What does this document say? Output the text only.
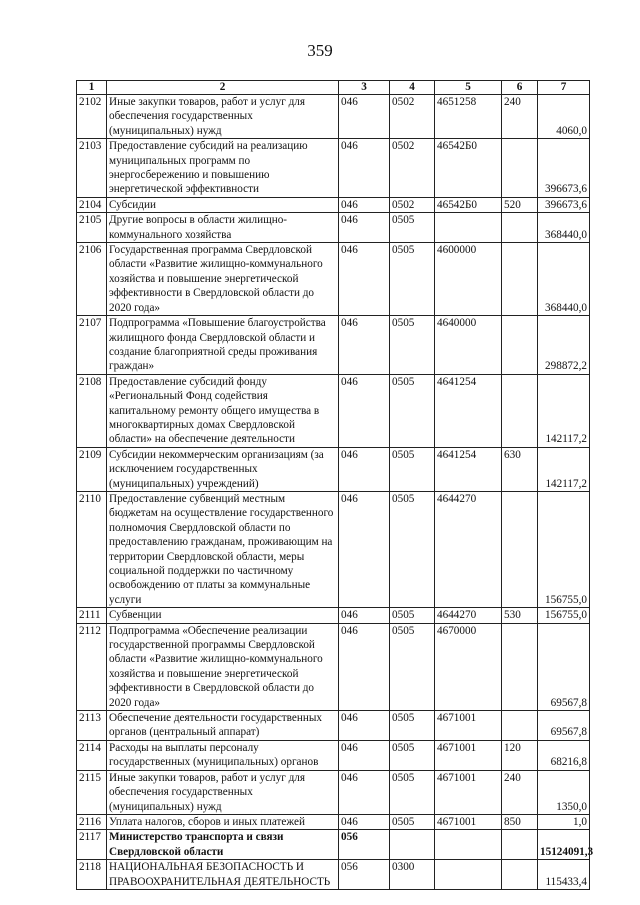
359
1	2	3	4	5	6	7
2102	Иные закупки товаров, работ и услуг для обеспечения государственных (муниципальных) нужд	046	0502	4651258	240	4060,0
2103	Предоставление субсидий на реализацию муниципальных программ по энергосбережению и повышению энергетической эффективности	046	0502	46542Б0		396673,6
2104	Субсидии	046	0502	46542Б0	520	396673,6
2105	Другие вопросы в области жилищно-коммунального хозяйства	046	0505			368440,0
2106	Государственная программа Свердловской области «Развитие жилищно-коммунального хозяйства и повышение энергетической эффективности в Свердловской области до 2020 года»	046	0505	4600000		368440,0
2107	Подпрограмма «Повышение благоустройства жилищного фонда Свердловской области и создание благоприятной среды проживания граждан»	046	0505	4640000		298872,2
2108	Предоставление субсидий фонду «Региональный Фонд содействия капитальному ремонту общего имущества в многоквартирных домах Свердловской области» на обеспечение деятельности	046	0505	4641254		142117,2
2109	Субсидии некоммерческим организациям (за исключением государственных (муниципальных) учреждений)	046	0505	4641254	630	142117,2
2110	Предоставление субвенций местным бюджетам на осуществление государственного полномочия Свердловской области по предоставлению гражданам, проживающим на территории Свердловской области, меры социальной поддержки по частичному освобождению от платы за коммунальные услуги	046	0505	4644270		156755,0
2111	Субвенции	046	0505	4644270	530	156755,0
2112	Подпрограмма «Обеспечение реализации государственной программы Свердловской области «Развитие жилищно-коммунального хозяйства и повышение энергетической эффективности в Свердловской области до 2020 года»	046	0505	4670000		69567,8
2113	Обеспечение деятельности государственных органов (центральный аппарат)	046	0505	4671001		69567,8
2114	Расходы на выплаты персоналу государственных (муниципальных) органов	046	0505	4671001	120	68216,8
2115	Иные закупки товаров, работ и услуг для обеспечения государственных (муниципальных) нужд	046	0505	4671001	240	1350,0
2116	Уплата налогов, сборов и иных платежей	046	0505	4671001	850	1,0
2117	Министерство транспорта и связи Свердловской области	056				15124091,3
2118	НАЦИОНАЛЬНАЯ БЕЗОПАСНОСТЬ И ПРАВООХРАНИТЕЛЬНАЯ ДЕЯТЕЛЬНОСТЬ	056	0300			115433,4
